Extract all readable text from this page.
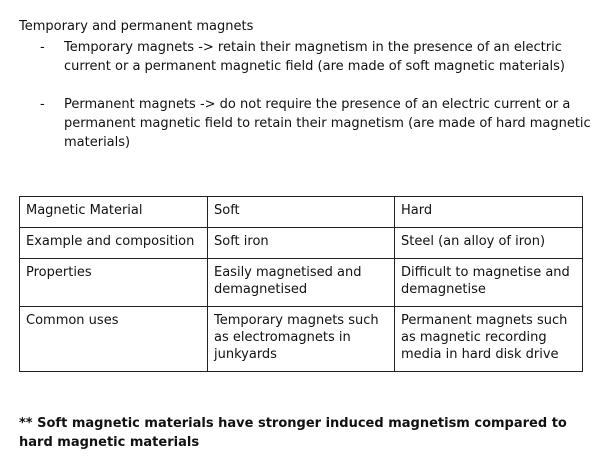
Temporary and permanent magnets
- Temporary magnets -> retain their magnetism in the presence of an electric current or a permanent magnetic field (are made of soft magnetic materials)
- Permanent magnets -> do not require the presence of an electric current or a permanent magnetic field to retain their magnetism (are made of hard magnetic materials)
Magnetic Material	Soft	Hard
Example and composition	Soft iron	Steel (an alloy of iron)
Properties	Easily magnetised and demagnetised	Difficult to magnetise and demagnetise
Common uses	Temporary magnets such as electromagnets in junkyards	Permanent magnets such as magnetic recording media in hard disk drive
** Soft magnetic materials have stronger induced magnetism compared to hard magnetic materials
